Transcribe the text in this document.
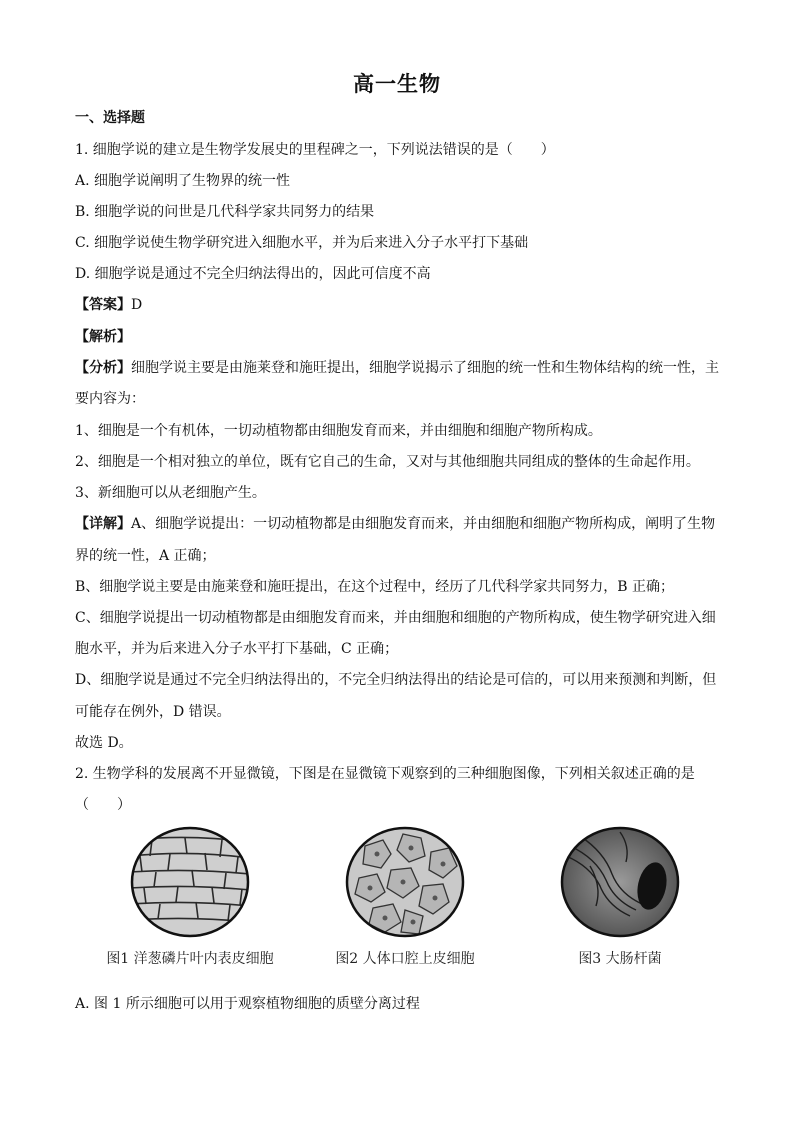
高一生物
一、选择题
1. 细胞学说的建立是生物学发展史的里程碑之一，下列说法错误的是（　　）
A. 细胞学说阐明了生物界的统一性
B. 细胞学说的问世是几代科学家共同努力的结果
C. 细胞学说使生物学研究进入细胞水平，并为后来进入分子水平打下基础
D. 细胞学说是通过不完全归纳法得出的，因此可信度不高
【答案】D
【解析】
【分析】细胞学说主要是由施莱登和施旺提出，细胞学说揭示了细胞的统一性和生物体结构的统一性，主
要内容为：
1、细胞是一个有机体，一切动植物都由细胞发育而来，并由细胞和细胞产物所构成。
2、细胞是一个相对独立的单位，既有它自己的生命，又对与其他细胞共同组成的整体的生命起作用。
3、新细胞可以从老细胞产生。
【详解】A、细胞学说提出：一切动植物都是由细胞发育而来，并由细胞和细胞产物所构成，阐明了生物
界的统一性，A 正确；
B、细胞学说主要是由施莱登和施旺提出，在这个过程中，经历了几代科学家共同努力，B 正确；
C、细胞学说提出一切动植物都是由细胞发育而来，并由细胞和细胞的产物所构成，使生物学研究进入细
胞水平，并为后来进入分子水平打下基础，C 正确；
D、细胞学说是通过不完全归纳法得出的，不完全归纳法得出的结论是可信的，可以用来预测和判断，但
可能存在例外，D 错误。
故选 D。
2. 生物学科的发展离不开显微镜，下图是在显微镜下观察到的三种细胞图像，下列相关叙述正确的是
（　　）
图1 洋葱磷片叶内表皮细胞	图2 人体口腔上皮细胞	图3 大肠杆菌
A. 图 1 所示细胞可以用于观察植物细胞的质壁分离过程
